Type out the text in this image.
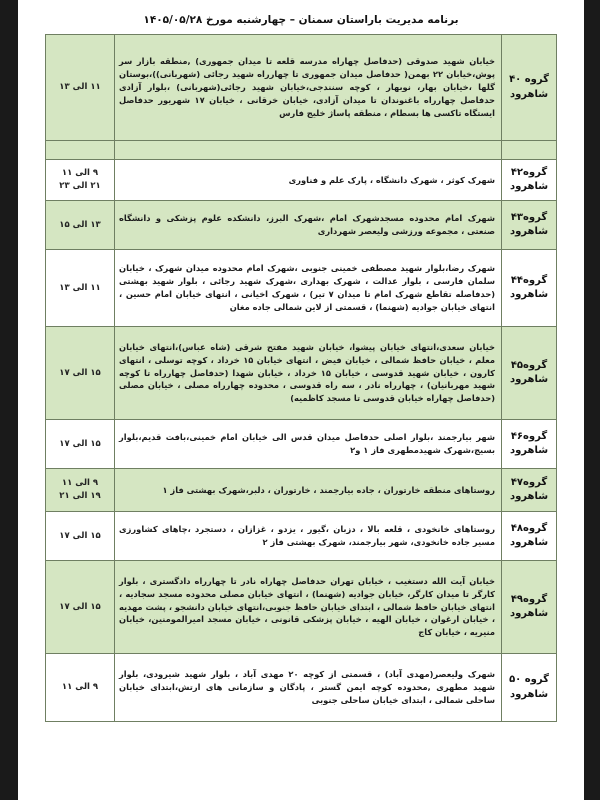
برنامه مدیریت باراستان سمنان – چهارشنبه مورخ ۱۴۰۵/۰۵/۲۸
گروه ۴۰
شاهرود	خیابان شهید صدوقی (حدفاصل چهاراه مدرسه قلعه تا میدان جمهوری) ,منطقه بازار سر پوش،خیابان ۲۲ بهمن( حدفاصل میدان جمهوری تا چهارراه شهید رجائی (شهربانی))،بوستان گلها ،خیابان بهار، نوبهار ، کوچه سنندجی،خیابان شهید رجائی(شهربانی) ،بلوار آزادی حدفاصل چهارراه باغنوندان تا میدان آزادی، خیابان خرقانی ، خیابان ۱۷ شهریور حدفاصل ایستگاه تاکسی ها بسطام ، منطقه پاساژ خلیج فارس	۱۱ الی ۱۳

گروه۴۲
شاهرود	شهرک کوثر ، شهرک دانشگاه ، پارک علم و فناوری	۹ الی ۱۱
۲۱ الی ۲۳

گروه۴۳
شاهرود	شهرک امام محدوده مسجدشهرک امام ،شهرک البرز، دانشکده علوم پزشکی و دانشگاه صنعتی ، مجموعه ورزشی ولیعصر شهرداری	۱۳ الی ۱۵

گروه۴۴
شاهرود	شهرک رضا،بلوار شهید مصطفی خمینی جنوبی ،شهرک امام محدوده میدان شهرک ، خیابان سلمان فارسی ، بلوار عدالت ، شهرک بهداری ،شهرک شهید رجائی ، بلوار شهید بهشتی (حدفاصله تقاطع شهرک امام تا میدان ۷ تیر) ، شهرک اخیانی ، انتهای خیابان امام حسین ، انتهای خیابان جوادیه (شهنما) ، قسمتی از لاین شمالی جاده مغان	۱۱ الی ۱۳

گروه۴۵
شاهرود	خیابان سعدی،انتهای خیابان پیشوا، خیابان شهید مفتح شرقی (شاه عباس)،انتهای خیابان معلم ، خیابان حافظ شمالی ، خیابان فیض ، انتهای خیابان ۱۵ خرداد ، کوچه توسلی ، انتهای کارون ، خیابان شهید قدوسی ، خیابان ۱۵ خرداد ، خیابان شهدا (حدفاصل چهارراه تا کوچه شهید مهربانیان) ، چهارراه نادر ، سه راه قدوسی ، محدوده چهارراه مصلی ، خیابان مصلی (حدفاصل چهاراه خیابان قدوسی تا مسجد کاظمیه)	۱۵ الی ۱۷

گروه۴۶
شاهرود	شهر بیارجمند ،بلوار اصلی حدفاصل میدان قدس الی خیابان امام خمینی،بافت قدیم،بلوار بسیج،شهرک شهیدمطهری فاز ۱ و۲	۱۵ الی ۱۷

گروه۴۷
شاهرود	روستاهای منطقه خارتوران ، جاده بیارجمند ، خارتوران ، دلبر،شهرک بهشتی فاز ۱	۹ الی ۱۱
۱۹ الی ۲۱

گروه۴۸
شاهرود	روستاهای خانخودی ، قلعه بالا ، دزبان ،گیور ، یزدو ، غزازان ، دستجرد ،چاهای کشاورزی مسیر جاده خانخودی، شهر بیارجمند، شهرک بهشتی فاز ۲	۱۵ الی ۱۷

گروه۴۹
شاهرود	خیابان آیت الله دستغیب ، خیابان تهران حدفاصل چهاراه نادر تا چهارراه دادگستری ، بلوار کارگر تا میدان کارگر، خیابان جوادیه (شهنما) ، انتهای خیابان مصلی محدوده مسجد سجادیه ، انتهای خیابان حافظ شمالی ، ابتدای خیابان حافظ جنوبی،انتهای خیابان دانشجو ، پشت مهدیه ، خیابان ارغوان ، خیابان الهیه ، خیابان پزشکی قانونی ، خیابان مسجد امیرالمومنین، خیابان منیریه ، خیابان کاج	۱۵ الی ۱۷

گروه ۵۰
شاهرود	شهرک ولیعصر(مهدی آباد) ، قسمتی از کوچه ۲۰ مهدی آباد ، بلوار شهید شیرودی، بلوار شهید مطهری ,محدوده کوچه ایمن گستر ، پادگان و سازمانی های ارتش،ابتدای خیابان ساحلی شمالی ، ابتدای خیابان ساحلی جنوبی	۹ الی ۱۱
